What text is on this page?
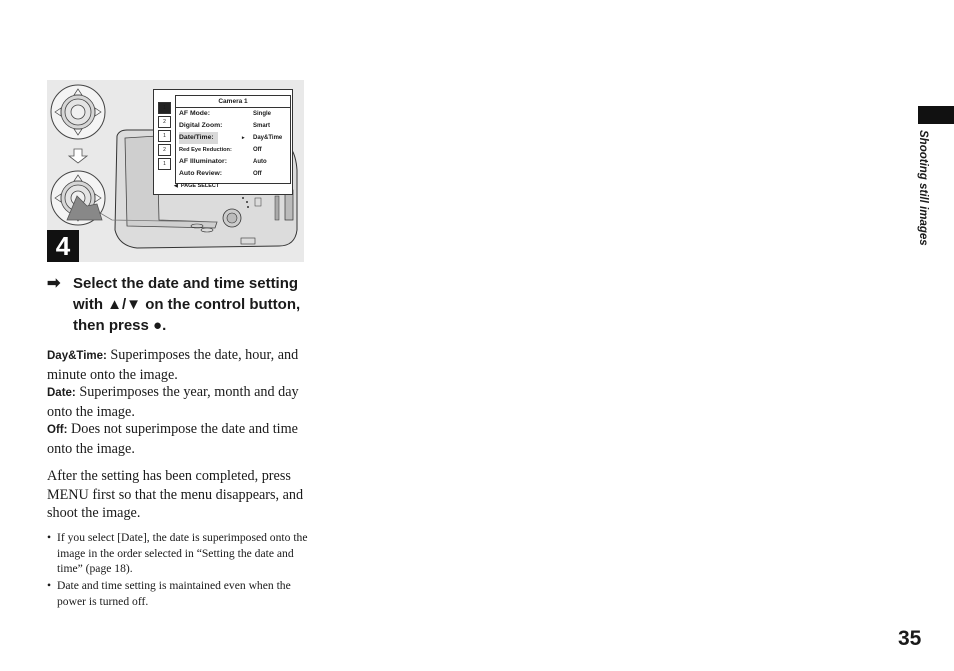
1
2
1
2
1
Camera 1
AF Mode:	Single
Digital Zoom:	Smart
Date/Time:	▸ Day&Time
Red Eye Reduction:	Off
AF Illuminator:	Auto
Auto Review:	Off
◀ PAGE SELECT
4
➡ Select the date and time setting with ▲/▼ on the control button, then press ●.
Day&Time: Superimposes the date, hour, and minute onto the image.
Date: Superimposes the year, month and day onto the image.
Off: Does not superimpose the date and time onto the image.
After the setting has been completed, press MENU first so that the menu disappears, and shoot the image.
• If you select [Date], the date is superimposed onto the image in the order selected in “Setting the date and time” (page 18).
• Date and time setting is maintained even when the power is turned off.
Shooting still images
35
